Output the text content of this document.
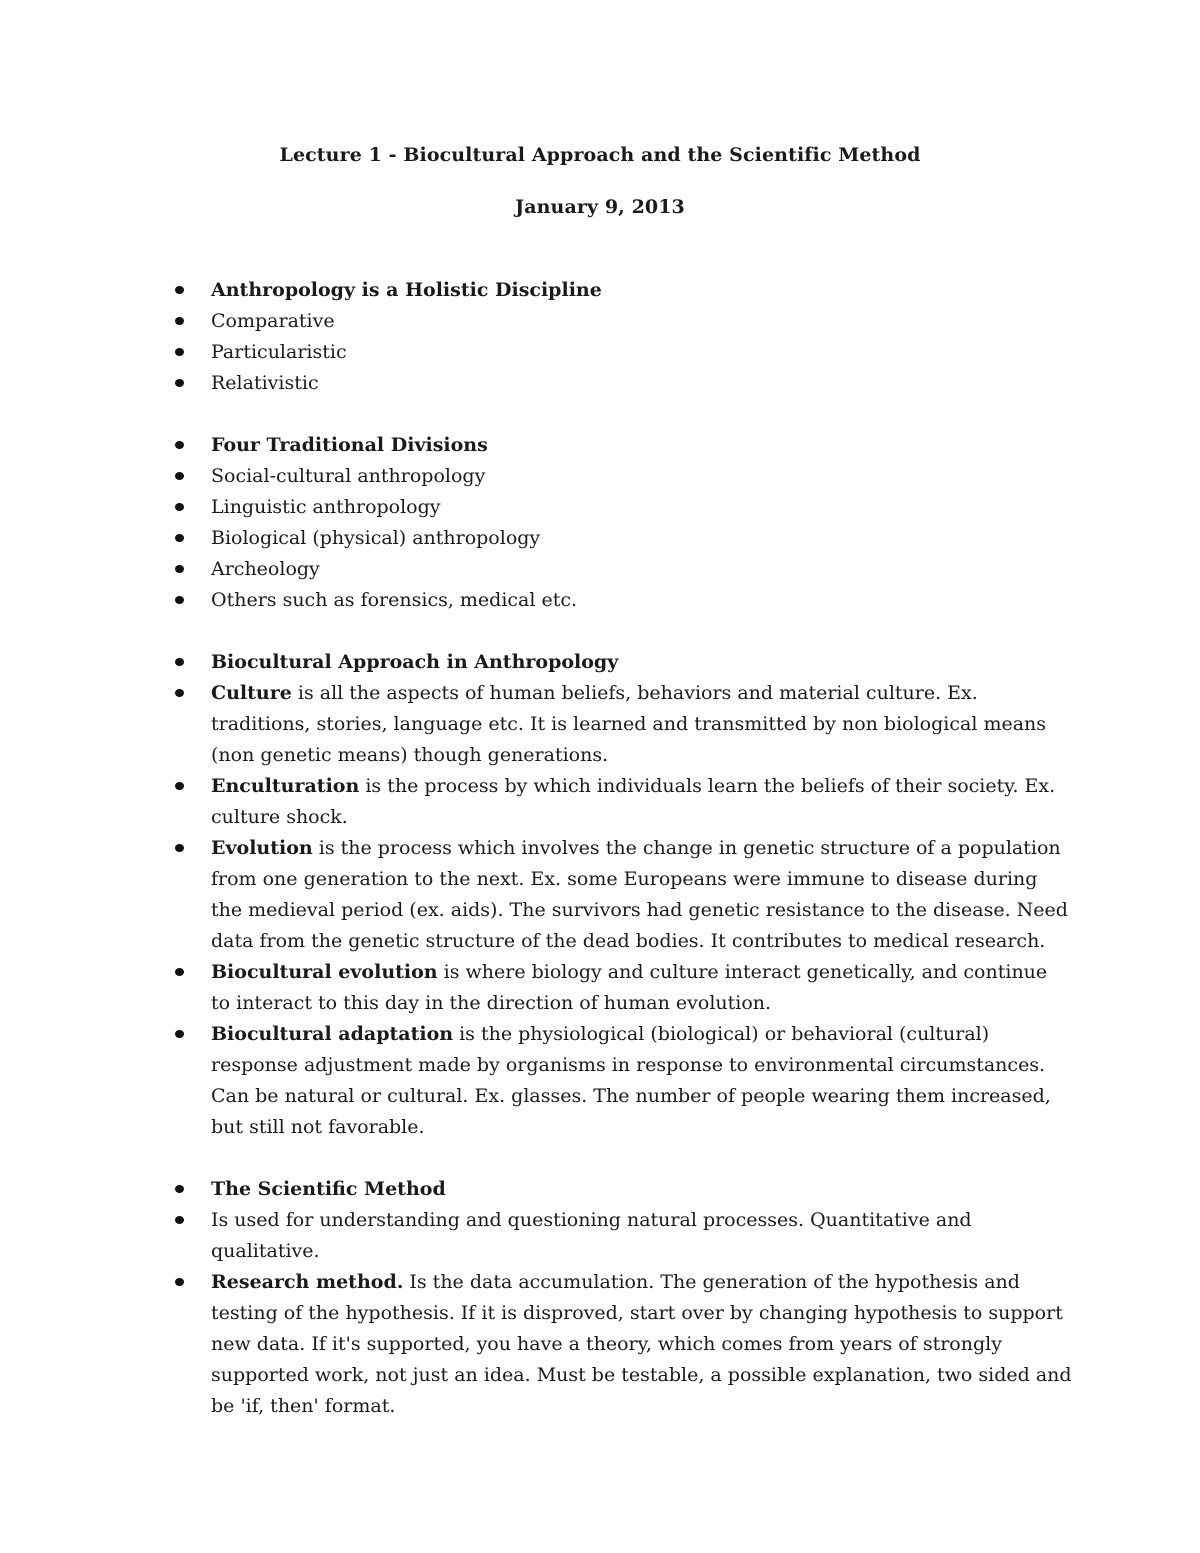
Lecture 1 - Biocultural Approach and the Scientific Method
January 9, 2013
Anthropology is a Holistic Discipline
Comparative
Particularistic
Relativistic
Four Traditional Divisions
Social-cultural anthropology
Linguistic anthropology
Biological (physical) anthropology
Archeology
Others such as forensics, medical etc.
Biocultural Approach in Anthropology
Culture is all the aspects of human beliefs, behaviors and material culture. Ex. traditions, stories, language etc. It is learned and transmitted by non biological means (non genetic means) though generations.
Enculturation is the process by which individuals learn the beliefs of their society. Ex. culture shock.
Evolution is the process which involves the change in genetic structure of a population from one generation to the next. Ex. some Europeans were immune to disease during the medieval period (ex. aids). The survivors had genetic resistance to the disease. Need data from the genetic structure of the dead bodies. It contributes to medical research.
Biocultural evolution is where biology and culture interact genetically, and continue to interact to this day in the direction of human evolution.
Biocultural adaptation is the physiological (biological) or behavioral (cultural) response adjustment made by organisms in response to environmental circumstances. Can be natural or cultural. Ex. glasses. The number of people wearing them increased, but still not favorable.
The Scientific Method
Is used for understanding and questioning natural processes. Quantitative and qualitative.
Research method. Is the data accumulation. The generation of the hypothesis and testing of the hypothesis. If it is disproved, start over by changing hypothesis to support new data. If it's supported, you have a theory, which comes from years of strongly supported work, not just an idea. Must be testable, a possible explanation, two sided and be 'if, then' format.
